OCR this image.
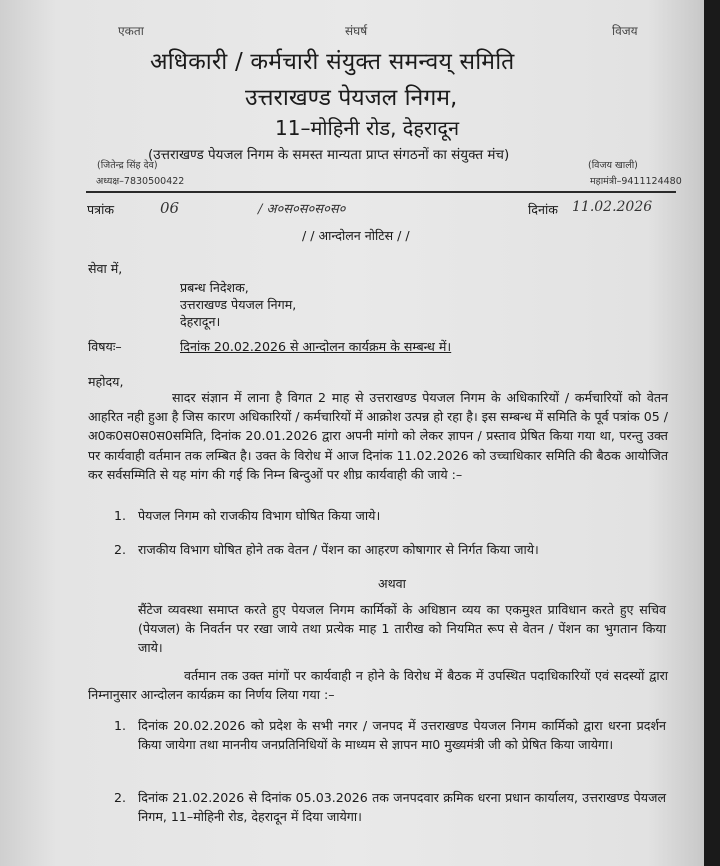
एकता	संघर्ष	विजय
अधिकारी / कर्मचारी संयुक्त समन्वय् समिति
उत्तराखण्ड पेयजल निगम,
11–मोहिनी रोड, देहरादून
(उत्तराखण्ड पेयजल निगम के समस्त मान्यता प्राप्त संगठनों का संयुक्त मंच)
(जितेन्द्र सिंह देव)
अध्यक्ष–7830500422
(विजय खाली)
महामंत्री–9411124480
पत्रांक	06	/ अ०स०स०स०स०	दिनांक 11.02.2026
/ / आन्दोलन नोटिस / /
सेवा में,
प्रबन्ध निदेशक,
उत्तराखण्ड पेयजल निगम,
देहरादून।
विषयः–	दिनांक 20.02.2026 से आन्दोलन कार्यक्रम के सम्बन्ध में।
महोदय,
सादर संज्ञान में लाना है विगत 2 माह से उत्तराखण्ड पेयजल निगम के अधिकारियों / कर्मचारियों को वेतन आहरित नही हुआ है जिस कारण अधिकारियों / कर्मचारियों में आक्रोश उत्पन्न हो रहा है। इस सम्बन्ध में समिति के पूर्व पत्रांक 05 / अ0क0स0स0स0समिति, दिनांक 20.01.2026 द्वारा अपनी मांगो को लेकर ज्ञापन / प्रस्ताव प्रेषित किया गया था, परन्तु उक्त पर कार्यवाही वर्तमान तक लम्बित है। उक्त के विरोध में आज दिनांक 11.02.2026 को उच्चाधिकार समिति की बैठक आयोजित कर सर्वसम्मिति से यह मांग की गई कि निम्न बिन्दुओं पर शीघ्र कार्यवाही की जाये :–
1. पेयजल निगम को राजकीय विभाग घोषित किया जाये।
2. राजकीय विभाग घोषित होने तक वेतन / पेंशन का आहरण कोषागार से निर्गत किया जाये।
अथवा
सैंटेज व्यवस्था समाप्त करते हुए पेयजल निगम कार्मिकों के अधिष्ठान व्यय का एकमुश्त प्राविधान करते हुए सचिव (पेयजल) के निवर्तन पर रखा जाये तथा प्रत्येक माह 1 तारीख को नियमित रूप से वेतन / पेंशन का भुगतान किया जाये।
वर्तमान तक उक्त मांगों पर कार्यवाही न होने के विरोध में बैठक में उपस्थित पदाधिकारियों एवं सदस्यों द्वारा निम्नानुसार आन्दोलन कार्यक्रम का निर्णय लिया गया :–
1. दिनांक 20.02.2026 को प्रदेश के सभी नगर / जनपद में उत्तराखण्ड पेयजल निगम कार्मिको द्वारा धरना प्रदर्शन किया जायेगा तथा माननीय जनप्रतिनिधियों के माध्यम से ज्ञापन मा0 मुख्यमंत्री जी को प्रेषित किया जायेगा।
2. दिनांक 21.02.2026 से दिनांक 05.03.2026 तक जनपदवार क्रमिक धरना प्रधान कार्यालय, उत्तराखण्ड पेयजल निगम, 11–मोहिनी रोड, देहरादून में दिया जायेगा।
